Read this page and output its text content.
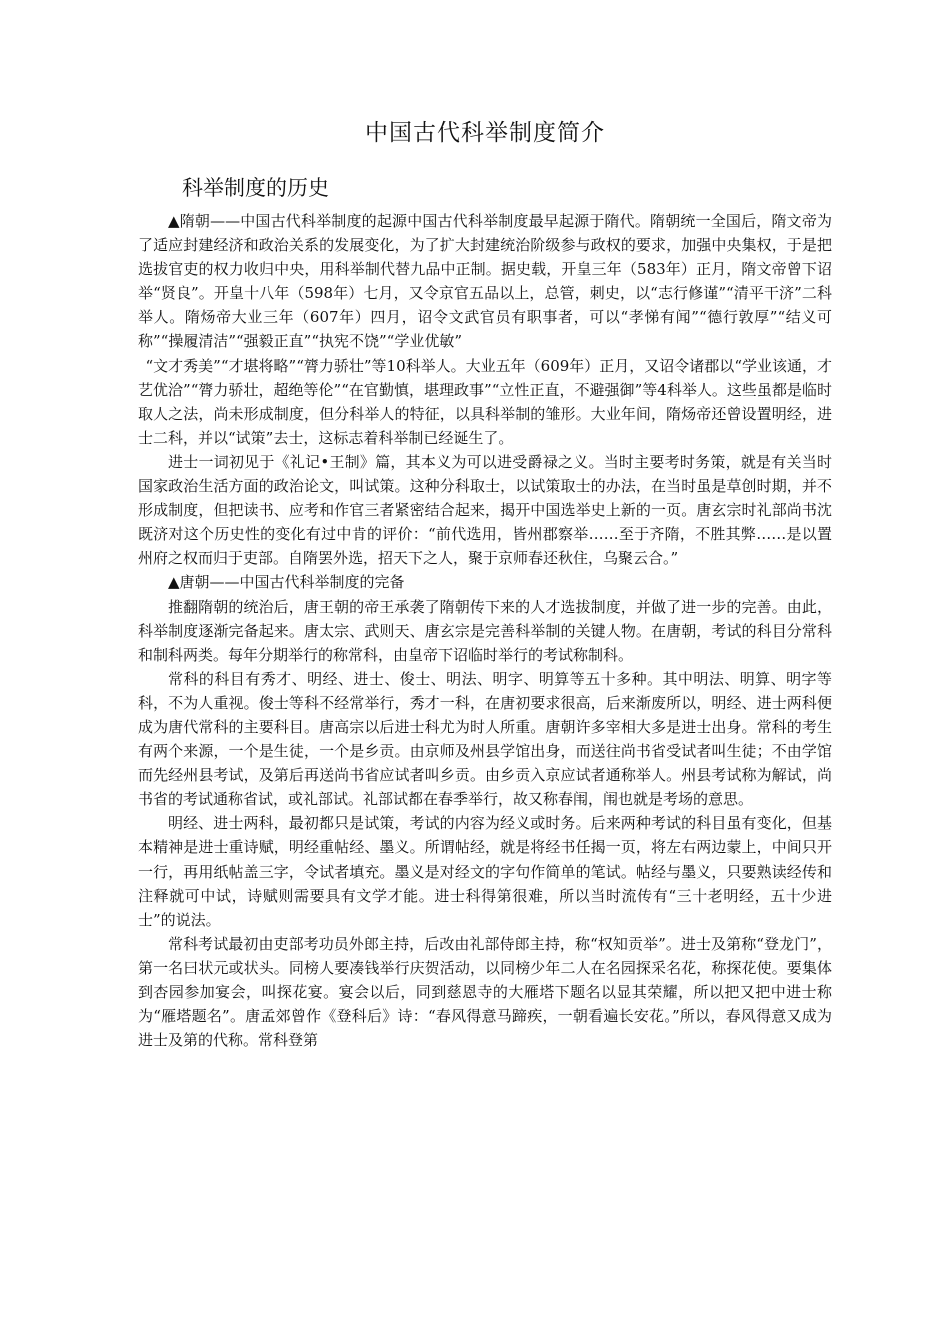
中国古代科举制度简介
科举制度的历史

▲隋朝——中国古代科举制度的起源中国古代科举制度最早起源于隋代。隋朝统一全国后，隋文帝为了适应封建经济和政治关系的发展变化，为了扩大封建统治阶级参与政权的要求，加强中央集权，于是把选拔官吏的权力收归中央，用科举制代替九品中正制。据史载，开皇三年（583年）正月，隋文帝曾下诏举“贤良”。开皇十八年（598年）七月，又令京官五品以上，总管，刺史，以“志行修谨”“清平干济”二科举人。隋炀帝大业三年（607年）四月，诏令文武官员有职事者，可以“孝悌有闻”“德行敦厚”“结义可称”“操履清洁”“强毅正直”“执宪不饶”“学业优敏”

“文才秀美”“才堪将略”“膂力骄壮”等10科举人。大业五年（609年）正月，又诏令诸郡以“学业该通，才艺优洽”“膂力骄壮，超绝等伦”“在官勤慎，堪理政事”“立性正直，不避强御”等4科举人。这些虽都是临时取人之法，尚未形成制度，但分科举人的特征，以具科举制的雏形。大业年间，隋炀帝还曾设置明经，进士二科，并以“试策”去士，这标志着科举制已经诞生了。

进士一词初见于《礼记•王制》篇，其本义为可以进受爵禄之义。当时主要考时务策，就是有关当时国家政治生活方面的政治论文，叫试策。这种分科取士，以试策取士的办法，在当时虽是草创时期，并不形成制度，但把读书、应考和作官三者紧密结合起来，揭开中国选举史上新的一页。唐玄宗时礼部尚书沈既济对这个历史性的变化有过中肯的评价：“前代选用，皆州郡察举……至于齐隋，不胜其弊……是以置州府之权而归于吏部。自隋罢外选，招天下之人，聚于京师春还秋住，乌聚云合。”

▲唐朝——中国古代科举制度的完备

推翻隋朝的统治后，唐王朝的帝王承袭了隋朝传下来的人才选拔制度，并做了进一步的完善。由此，科举制度逐渐完备起来。唐太宗、武则天、唐玄宗是完善科举制的关键人物。在唐朝，考试的科目分常科和制科两类。每年分期举行的称常科，由皇帝下诏临时举行的考试称制科。

常科的科目有秀才、明经、进士、俊士、明法、明字、明算等五十多种。其中明法、明算、明字等科，不为人重视。俊士等科不经常举行，秀才一科，在唐初要求很高，后来渐废所以，明经、进士两科便成为唐代常科的主要科目。唐高宗以后进士科尤为时人所重。唐朝许多宰相大多是进士出身。常科的考生有两个来源，一个是生徒，一个是乡贡。由京师及州县学馆出身，而送往尚书省受试者叫生徒；不由学馆而先经州县考试，及第后再送尚书省应试者叫乡贡。由乡贡入京应试者通称举人。州县考试称为解试，尚书省的考试通称省试，或礼部试。礼部试都在春季举行，故又称春闱，闱也就是考场的意思。

明经、进士两科，最初都只是试策，考试的内容为经义或时务。后来两种考试的科目虽有变化，但基本精神是进士重诗赋，明经重帖经、墨义。所谓帖经，就是将经书任揭一页，将左右两边蒙上，中间只开一行，再用纸帖盖三字，令试者填充。墨义是对经文的字句作简单的笔试。帖经与墨义，只要熟读经传和注释就可中试，诗赋则需要具有文学才能。进士科得第很难，所以当时流传有“三十老明经，五十少进士”的说法。

常科考试最初由吏部考功员外郎主持，后改由礼部侍郎主持，称“权知贡举”。进士及第称“登龙门”，第一名曰状元或状头。同榜人要凑钱举行庆贺活动，以同榜少年二人在名园探采名花，称探花使。要集体到杏园参加宴会，叫探花宴。宴会以后，同到慈恩寺的大雁塔下题名以显其荣耀，所以把又把中进士称为“雁塔题名”。唐孟郊曾作《登科后》诗：“春风得意马蹄疾，一朝看遍长安花。”所以，春风得意又成为进士及第的代称。常科登第
